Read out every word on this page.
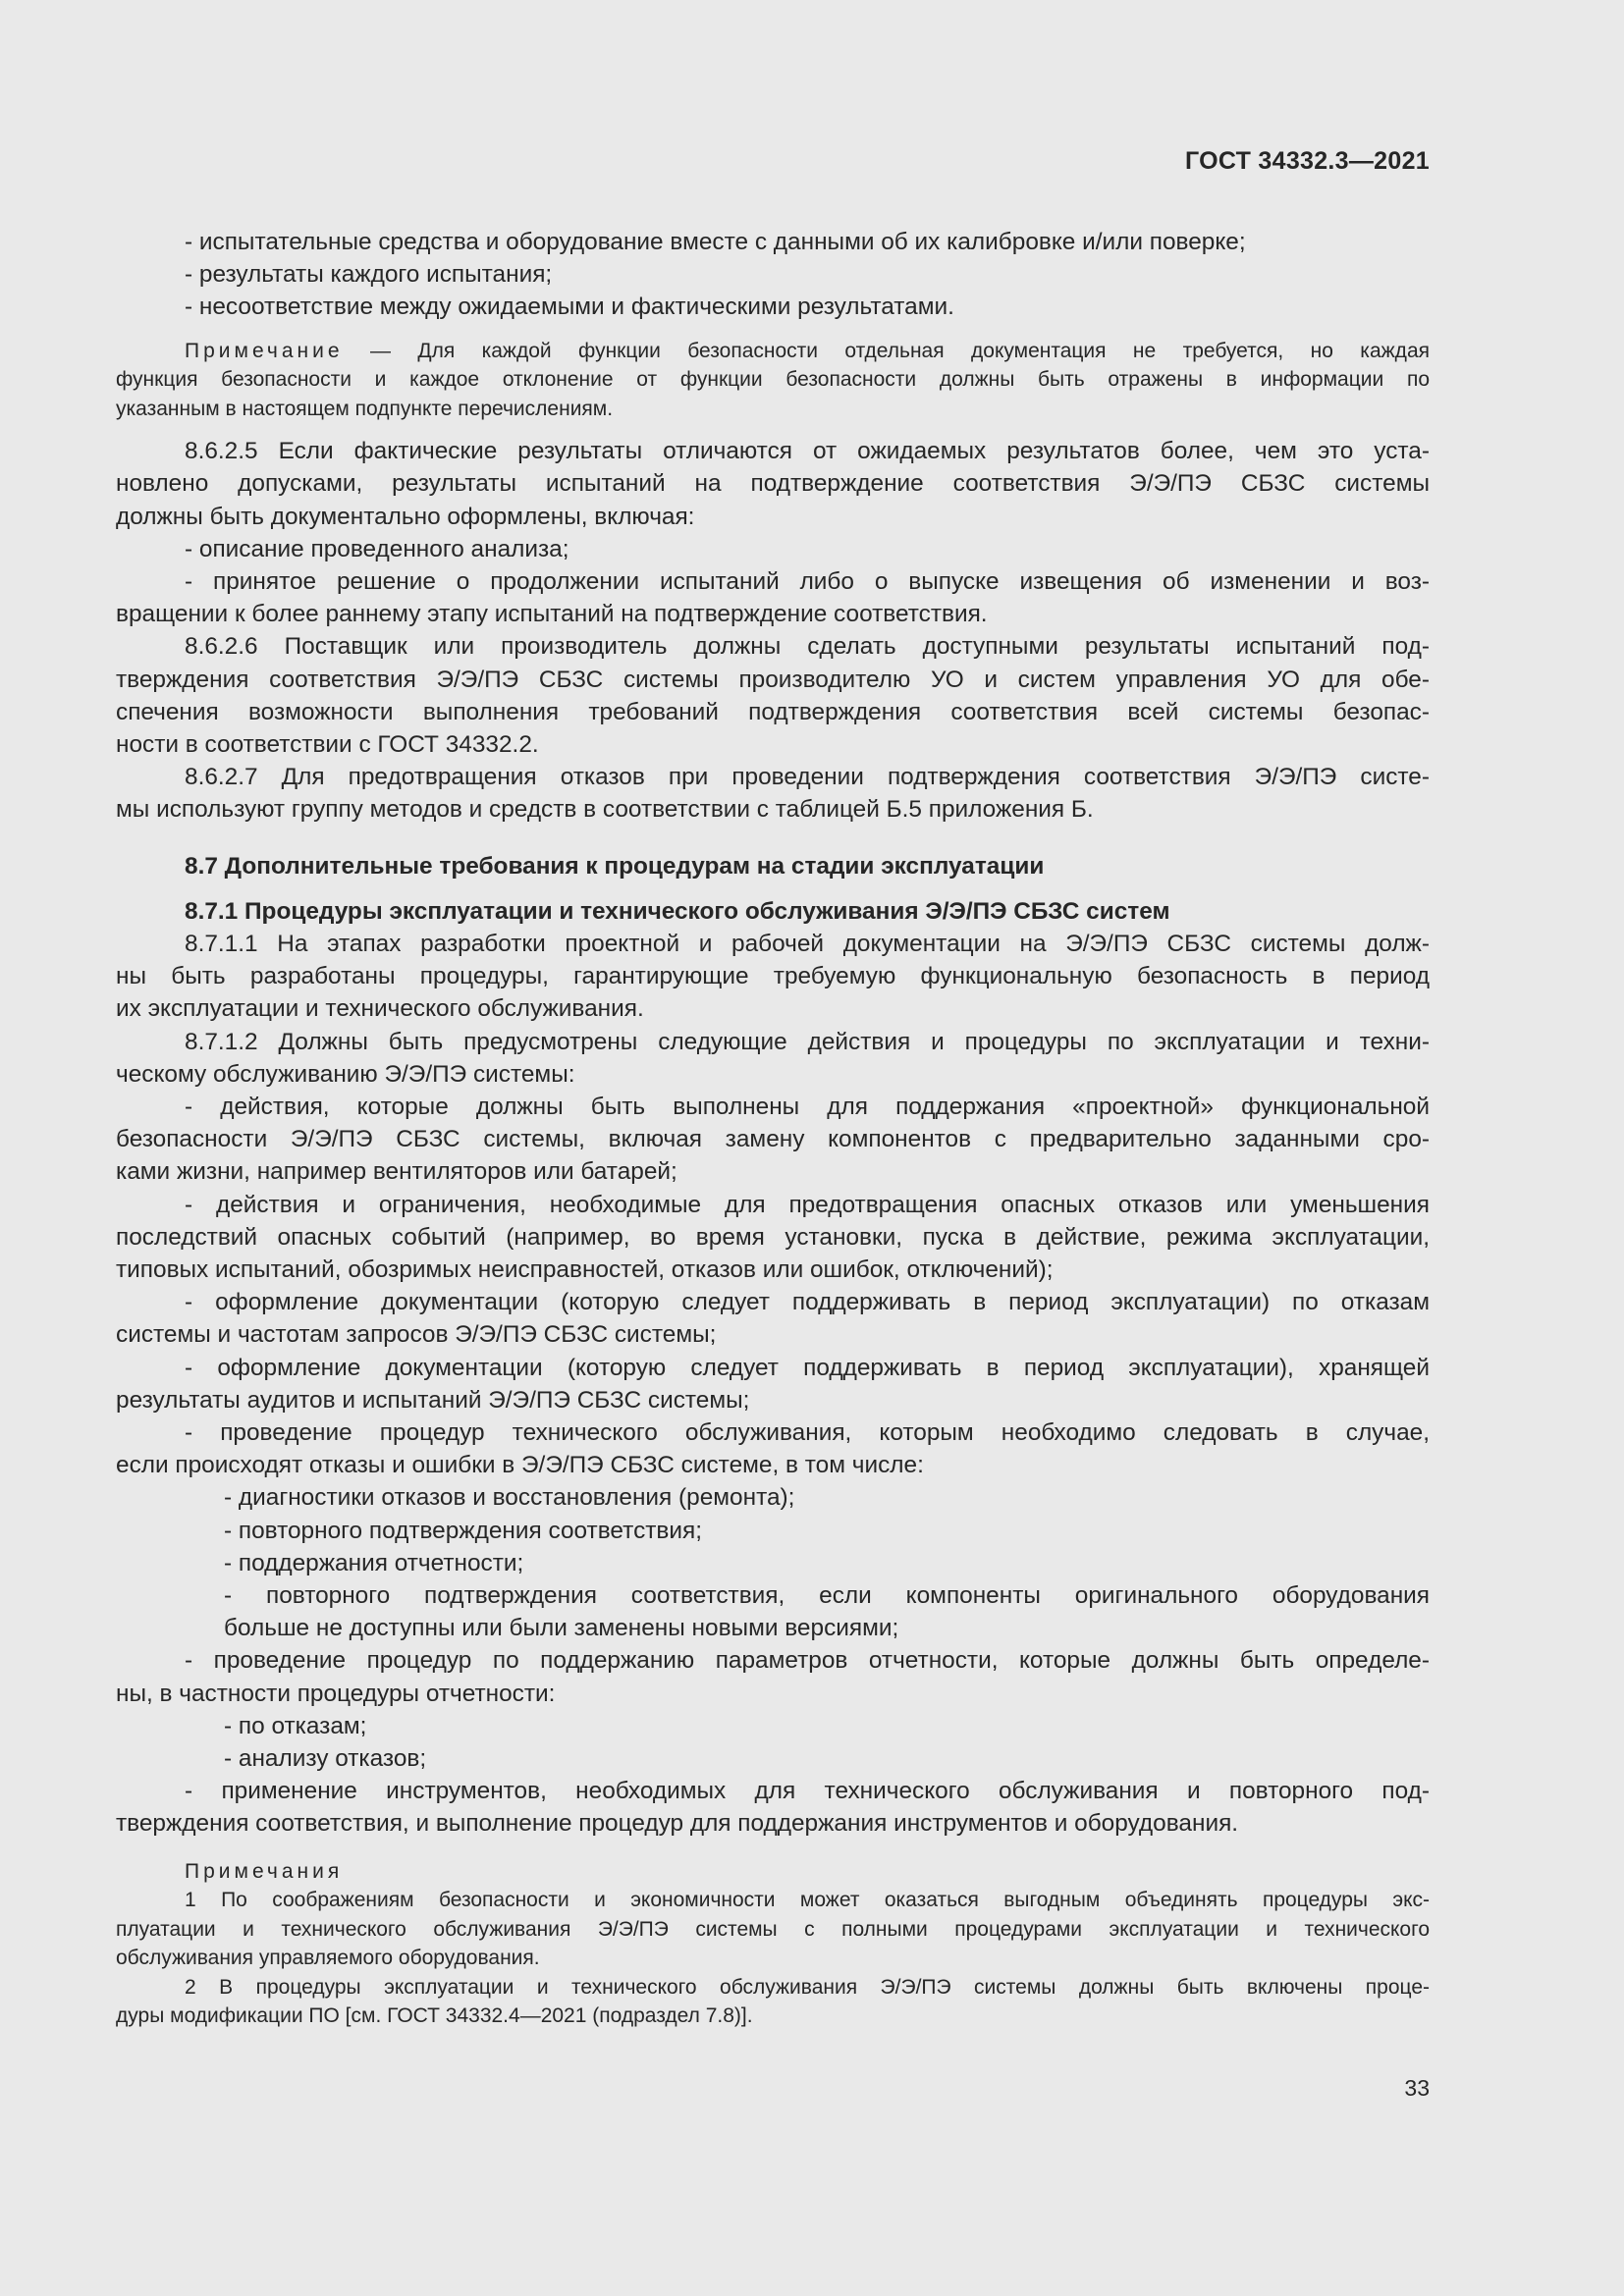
ГОСТ 34332.3—2021

- испытательные средства и оборудование вместе с данными об их калибровке и/или поверке;

- результаты каждого испытания;

- несоответствие между ожидаемыми и фактическими результатами.

Примечание — Для каждой функции безопасности отдельная документация не требуется, но каждая

функция безопасности и каждое отклонение от функции безопасности должны быть отражены в информации по

указанным в настоящем подпункте перечислениям.

8.6.2.5 Если фактические результаты отличаются от ожидаемых результатов более, чем это уста-

новлено допусками, результаты испытаний на подтверждение соответствия Э/Э/ПЭ СБЗС системы

должны быть документально оформлены, включая:

- описание проведенного анализа;

- принятое решение о продолжении испытаний либо о выпуске извещения об изменении и воз-

вращении к более раннему этапу испытаний на подтверждение соответствия.

8.6.2.6 Поставщик или производитель должны сделать доступными результаты испытаний под-

тверждения соответствия Э/Э/ПЭ СБЗС системы производителю УО и систем управления УО для обе-

спечения возможности выполнения требований подтверждения соответствия всей системы безопас-

ности в соответствии с ГОСТ 34332.2.

8.6.2.7 Для предотвращения отказов при проведении подтверждения соответствия Э/Э/ПЭ систе-

мы используют группу методов и средств в соответствии с таблицей Б.5 приложения Б.

8.7 Дополнительные требования к процедурам на стадии эксплуатации

8.7.1 Процедуры эксплуатации и технического обслуживания Э/Э/ПЭ СБЗС систем

8.7.1.1 На этапах разработки проектной и рабочей документации на Э/Э/ПЭ СБЗС системы долж-

ны быть разработаны процедуры, гарантирующие требуемую функциональную безопасность в период

их эксплуатации и технического обслуживания.

8.7.1.2 Должны быть предусмотрены следующие действия и процедуры по эксплуатации и техни-

ческому обслуживанию Э/Э/ПЭ системы:

- действия, которые должны быть выполнены для поддержания «проектной» функциональной

безопасности Э/Э/ПЭ СБЗС системы, включая замену компонентов с предварительно заданными сро-

ками жизни, например вентиляторов или батарей;

- действия и ограничения, необходимые для предотвращения опасных отказов или уменьшения

последствий опасных событий (например, во время установки, пуска в действие, режима эксплуатации,

типовых испытаний, обозримых неисправностей, отказов или ошибок, отключений);

- оформление документации (которую следует поддерживать в период эксплуатации) по отказам

системы и частотам запросов Э/Э/ПЭ СБЗС системы;

- оформление документации (которую следует поддерживать в период эксплуатации), хранящей

результаты аудитов и испытаний Э/Э/ПЭ СБЗС системы;

- проведение процедур технического обслуживания, которым необходимо следовать в случае,

если происходят отказы и ошибки в Э/Э/ПЭ СБЗС системе, в том числе:

- диагностики отказов и восстановления (ремонта);

- повторного подтверждения соответствия;

- поддержания отчетности;

- повторного подтверждения соответствия, если компоненты оригинального оборудования

больше не доступны или были заменены новыми версиями;

- проведение процедур по поддержанию параметров отчетности, которые должны быть определе-

ны, в частности процедуры отчетности:

- по отказам;

- анализу отказов;

- применение инструментов, необходимых для технического обслуживания и повторного под-

тверждения соответствия, и выполнение процедур для поддержания инструментов и оборудования.

Примечания

1 По соображениям безопасности и экономичности может оказаться выгодным объединять процедуры экс-

плуатации и технического обслуживания Э/Э/ПЭ системы с полными процедурами эксплуатации и технического

обслуживания управляемого оборудования.

2 В процедуры эксплуатации и технического обслуживания Э/Э/ПЭ системы должны быть включены проце-

дуры модификации ПО [см. ГОСТ 34332.4—2021 (подраздел 7.8)].

33
